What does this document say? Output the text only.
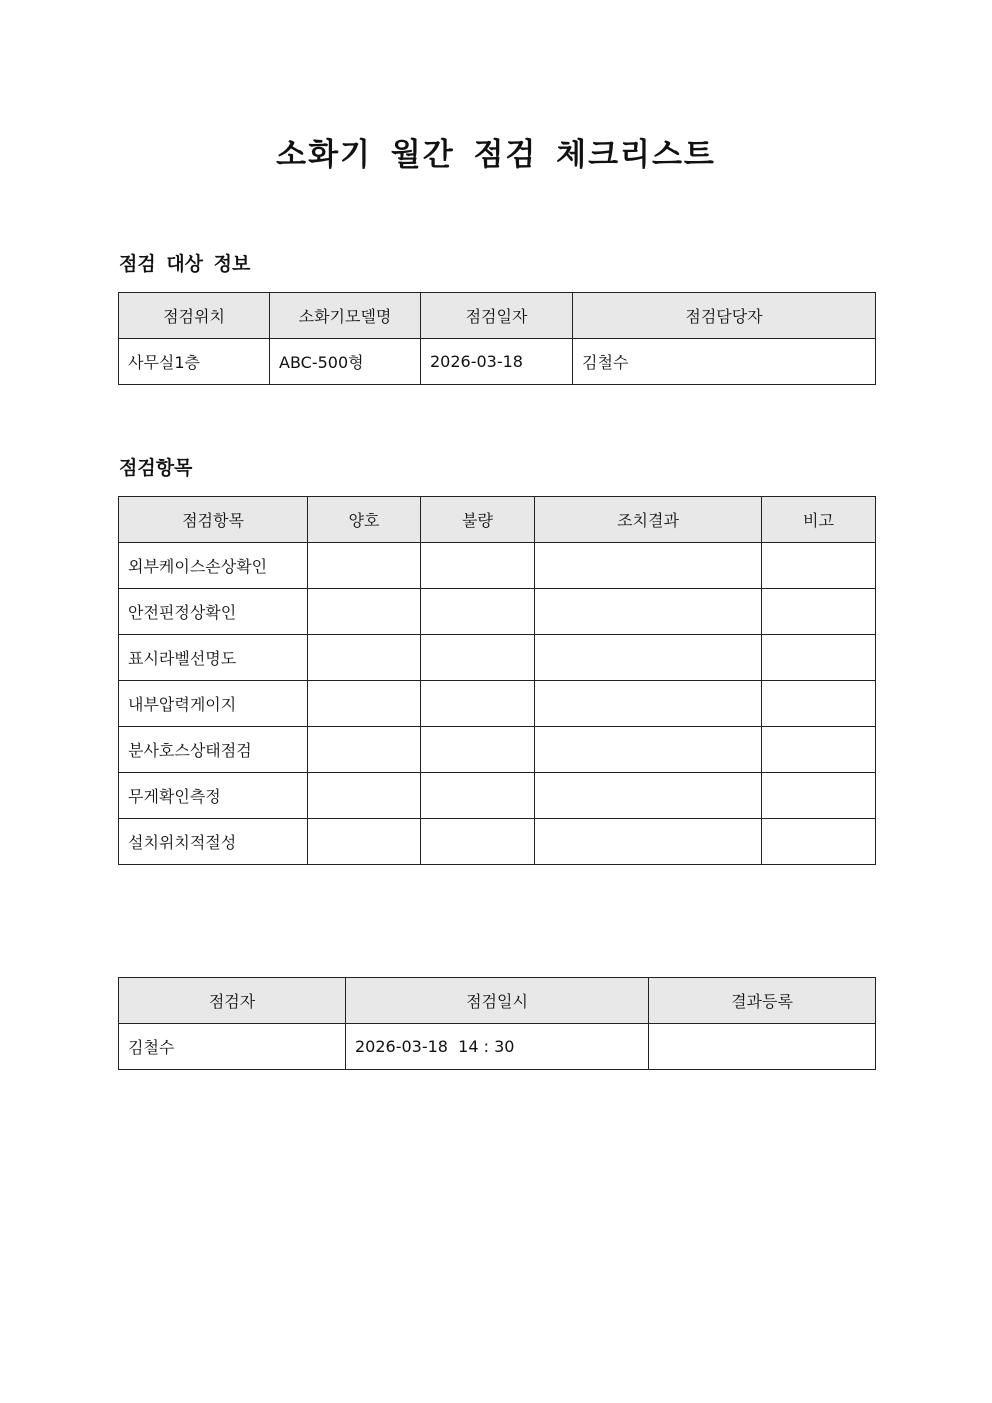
소화기 월간 점검 체크리스트
점검 대상 정보
점검위치	소화기모델명	점검일자	점검담당자
사무실1층	ABC-500형	2026-03-18	김철수
점검항목
점검항목	양호	불량	조치결과	비고
외부케이스손상확인				
안전핀정상확인				
표시라벨선명도				
내부압력게이지				
분사호스상태점검				
무게확인측정				
설치위치적절성				
점검자	점검일시	결과등록
김철수	2026-03-18  14 : 30	
